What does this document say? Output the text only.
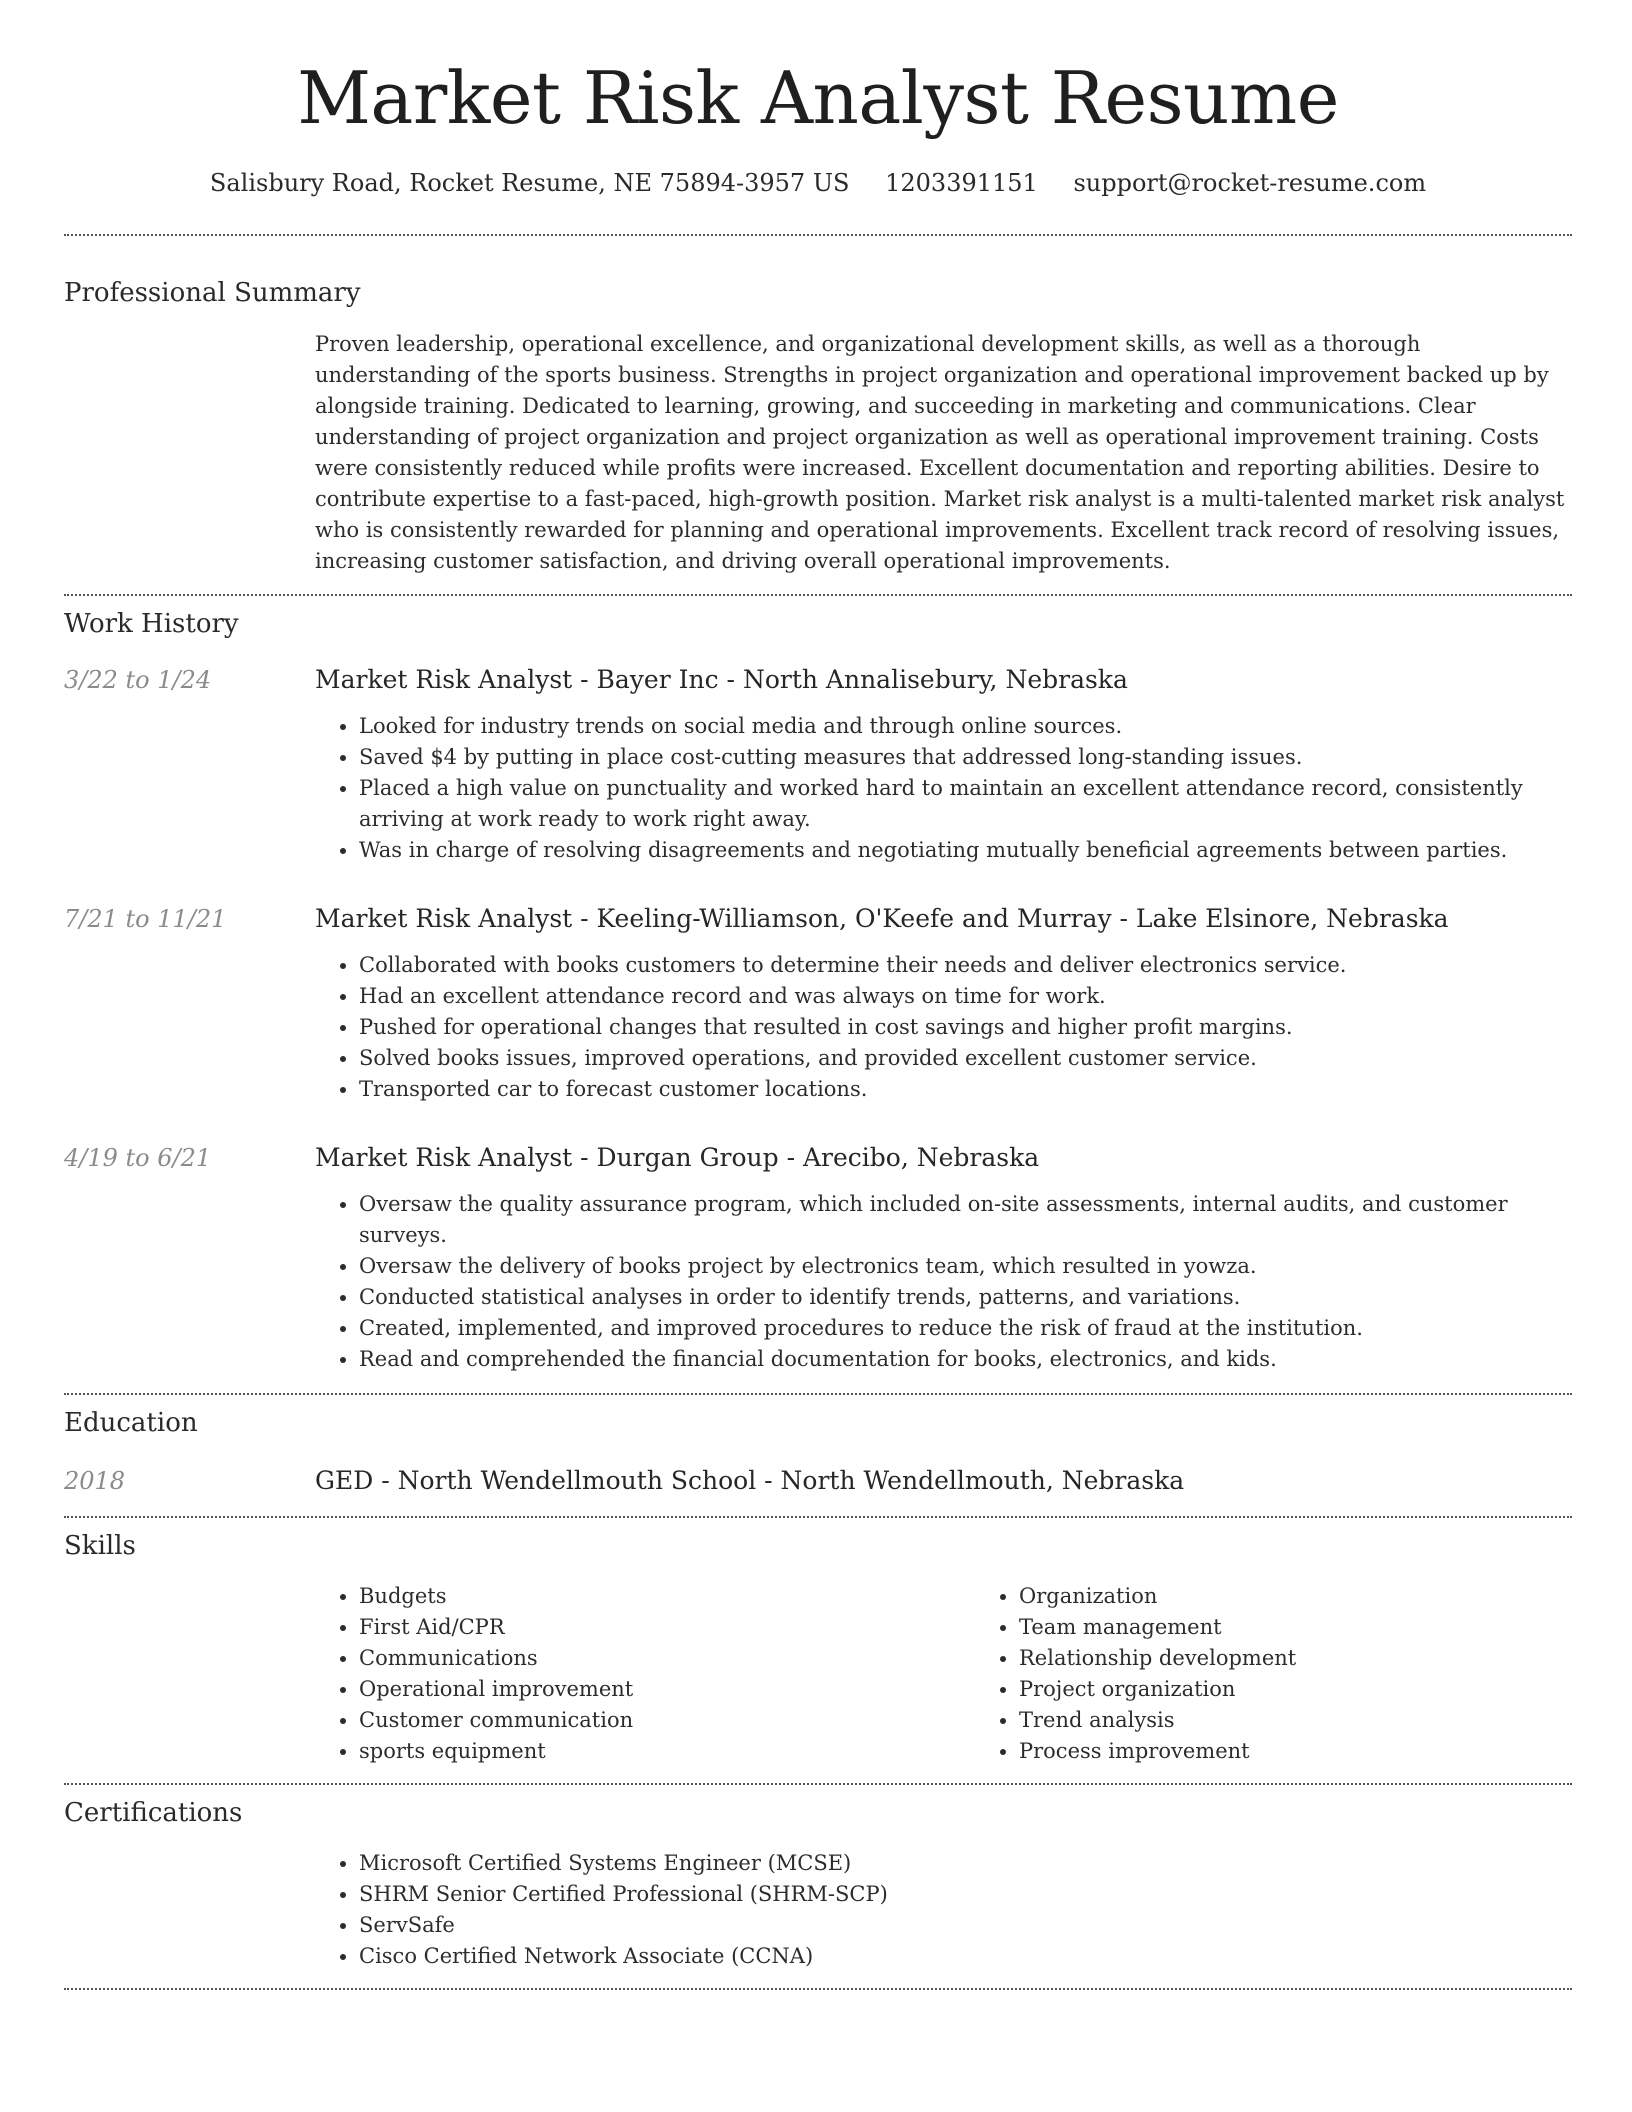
Market Risk Analyst Resume
Salisbury Road, Rocket Resume, NE 75894-3957 US 1203391151 support@rocket-resume.com
Professional Summary
Proven leadership, operational excellence, and organizational development skills, as well as a thorough understanding of the sports business. Strengths in project organization and operational improvement backed up by alongside training. Dedicated to learning, growing, and succeeding in marketing and communications. Clear understanding of project organization and project organization as well as operational improvement training. Costs were consistently reduced while profits were increased. Excellent documentation and reporting abilities. Desire to contribute expertise to a fast-paced, high-growth position. Market risk analyst is a multi-talented market risk analyst who is consistently rewarded for planning and operational improvements. Excellent track record of resolving issues, increasing customer satisfaction, and driving overall operational improvements.
Work History
3/22 to 1/24	Market Risk Analyst - Bayer Inc - North Annalisebury, Nebraska
• Looked for industry trends on social media and through online sources.
• Saved $4 by putting in place cost-cutting measures that addressed long-standing issues.
• Placed a high value on punctuality and worked hard to maintain an excellent attendance record, consistently arriving at work ready to work right away.
• Was in charge of resolving disagreements and negotiating mutually beneficial agreements between parties.
7/21 to 11/21	Market Risk Analyst - Keeling-Williamson, O'Keefe and Murray - Lake Elsinore, Nebraska
• Collaborated with books customers to determine their needs and deliver electronics service.
• Had an excellent attendance record and was always on time for work.
• Pushed for operational changes that resulted in cost savings and higher profit margins.
• Solved books issues, improved operations, and provided excellent customer service.
• Transported car to forecast customer locations.
4/19 to 6/21	Market Risk Analyst - Durgan Group - Arecibo, Nebraska
• Oversaw the quality assurance program, which included on-site assessments, internal audits, and customer surveys.
• Oversaw the delivery of books project by electronics team, which resulted in yowza.
• Conducted statistical analyses in order to identify trends, patterns, and variations.
• Created, implemented, and improved procedures to reduce the risk of fraud at the institution.
• Read and comprehended the financial documentation for books, electronics, and kids.
Education
2018	GED - North Wendellmouth School - North Wendellmouth, Nebraska
Skills
• Budgets
• First Aid/CPR
• Communications
• Operational improvement
• Customer communication
• sports equipment
• Organization
• Team management
• Relationship development
• Project organization
• Trend analysis
• Process improvement
Certifications
• Microsoft Certified Systems Engineer (MCSE)
• SHRM Senior Certified Professional (SHRM-SCP)
• ServSafe
• Cisco Certified Network Associate (CCNA)
